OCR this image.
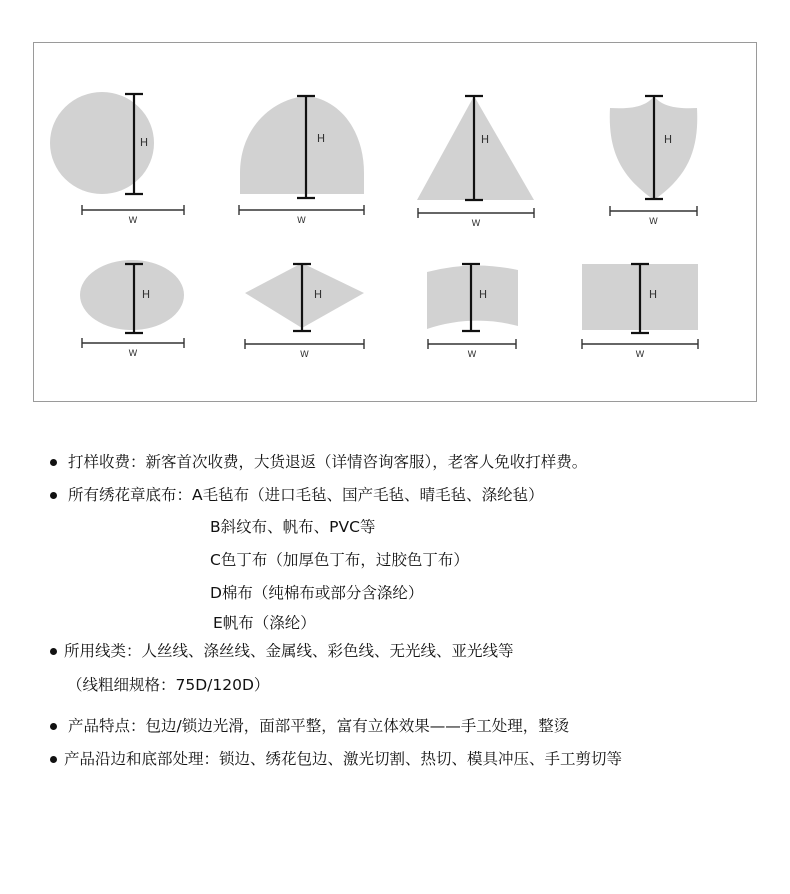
H
W
H
W
H
W
H
W
H
W
H
W
H
W
H
W
打样收费：新客首次收费，大货退返（详情咨询客服），老客人免收打样费。
所有绣花章底布：A毛毡布（进口毛毡、国产毛毡、晴毛毡、涤纶毡）
B斜纹布、帆布、PVC等
C色丁布（加厚色丁布，过胶色丁布）
D棉布（纯棉布或部分含涤纶）
E帆布（涤纶）
所用线类：人丝线、涤丝线、金属线、彩色线、无光线、亚光线等
（线粗细规格：75D/120D）
产品特点：包边/锁边光滑，面部平整，富有立体效果——手工处理，整烫
产品沿边和底部处理：锁边、绣花包边、激光切割、热切、模具冲压、手工剪切等
